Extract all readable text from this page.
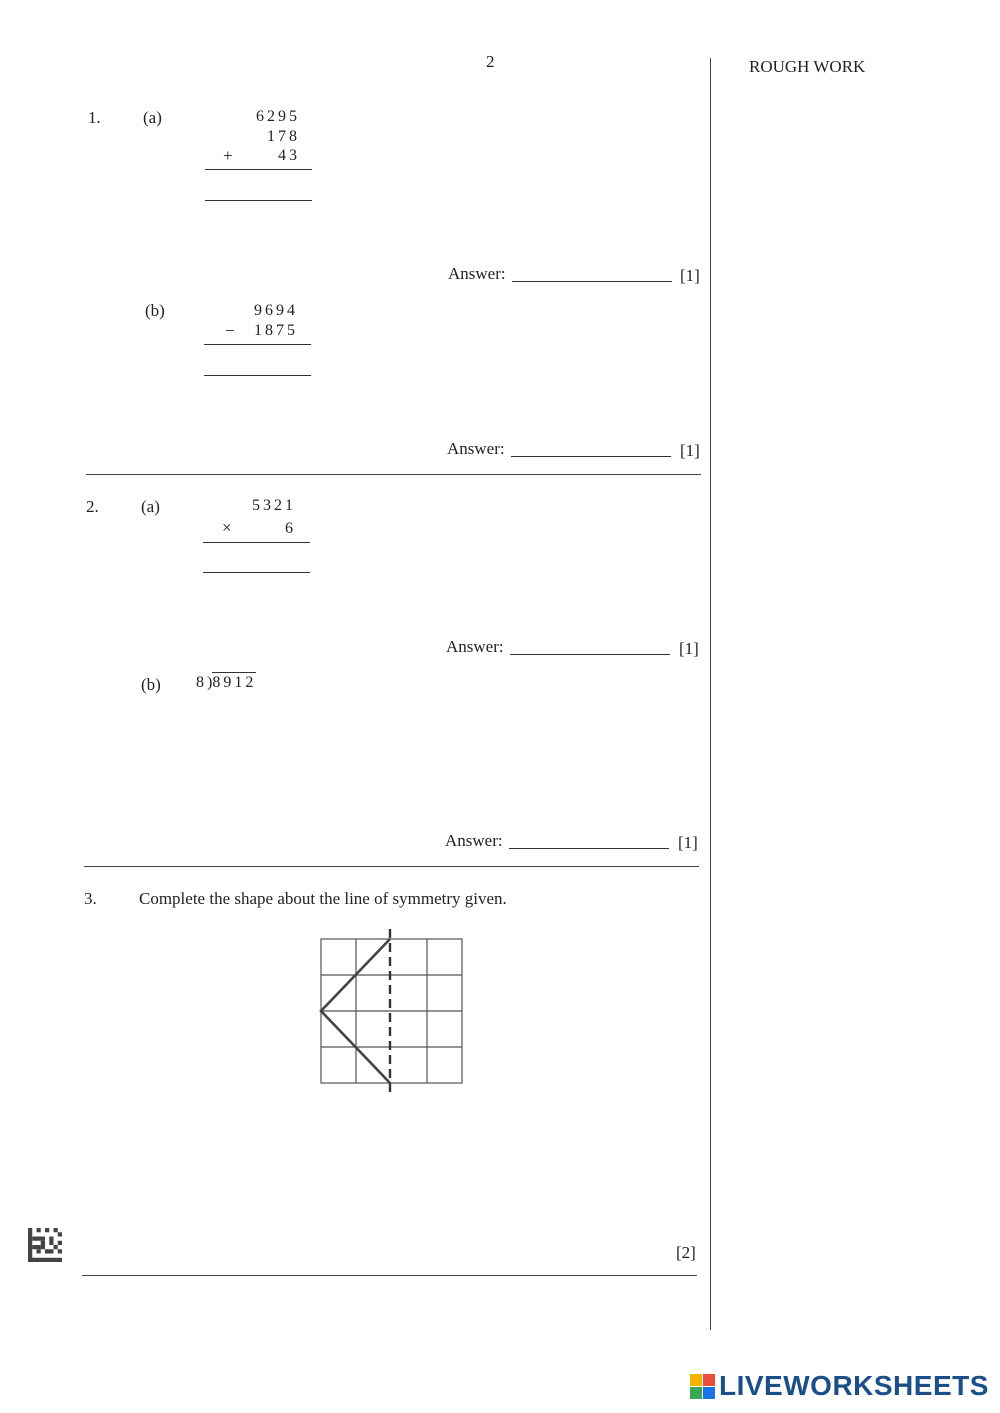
2	ROUGH WORK
1. (a)	6295
178
+	43
Answer:	[1]
(b)	9694
−	1875
Answer:	[1]
2. (a)	5321
×	6
Answer:	[1]
(b) 8)8912
Answer:	[1]
3. Complete the shape about the line of symmetry given.
[2]
LIVEWORKSHEETS
